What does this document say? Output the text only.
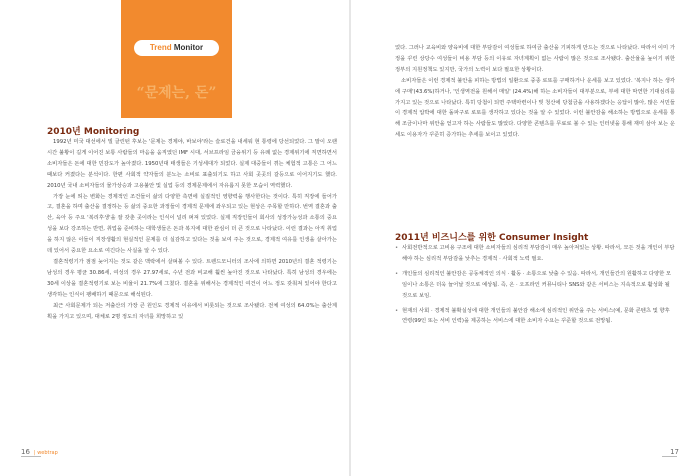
Trend Monitor
“문제는, 돈”
2010년 Monitoring

1992년 미국 대선에서 빌 클린턴 후보는 '문제는 경제야, 바보야'라는 슬로건을 내세워 현 통령에 당선되었다. 그 말이 오랜 시간 불황이 길게 이어진 보통 사람들의 마음을 움직였던 IMF 시대, 서브프라임 금융위기 등 유례 없는 경제위기에 직면하면서 소비자들은 돈에 대한 민감도가 높아졌다. 1950년대 태생들은 기성세대가 되었다. 실제 대중들이 겪는 체험적 고통은 그 어느 때보다 커졌다는 분석이다. 한편 사회적 약자들의 분노는 소비로 표출되기도 하고 사회 곳곳의 갈등으로 이어지기도 했다. 2010년 국내 소비자들의 물가상승과 고용불안 및 실업 등의 경제문제에서 자유롭지 못한 모습이 역력했다.

가장 눈에 띄는 변화는 경제적인 조건들이 삶의 다양한 측면에 실질적인 영향력을 행사한다는 것이다. 특히 직장에 들어가고, 결혼을 하며 출산을 결정하는 등 삶의 중요한 과정들이 경제적 문제에 좌우되고 있는 현상은 주목할 만하다. 번역 결혼과 출산, 육아 등 주요 '복리후생'을 잘 갖춘 곳이라는 인식이 널리 퍼져 있었다. 실제 직장인들이 회사의 성장가능성과 소통의 중요성을 보다 강조하는 반면, 취업을 준비하는 대학생들은 돈과 복지에 대한 관심이 더 큰 것으로 나타났다. 이런 결과는 아직 취업을 하지 않은 이들이 직장생활의 현실적인 문제를 더 실감하고 있다는 것을 보여 주는 것으로, 경제적 여유를 인생을 살아가는 데 있어서 중요한 요소로 여긴다는 사실을 알 수 있다.

결혼적령기가 점점 늦어지는 것도 같은 맥락에서 살펴볼 수 있다. 트렌드모니터의 조사에 의하면 2010년의 결혼 적령기는 남성의 경우 평균 30.86세, 여성의 경우 27.97세로, 수년 전과 비교해 훨씬 높아진 것으로 나타났다. 특히 남성의 경우에는 30세 이상을 결혼적령기로 보는 비율이 21.7%에 그쳤다. 결혼을 위해서는 경제적인 여건이 어느 정도 갖춰져 있어야 한다고 생각하는 인식이 팽배하기 때문으로 해석된다.

최근 사회문제가 되는 저출산의 가장 큰 원인도 경제적 이유에서 비롯되는 것으로 조사됐다. 전체 여성의 64.0%는 출산계획을 가지고 있으며, 대체로 2명 정도의 자녀를 희망하고 있

16 | webtrap

었다. 그러나 교육비와 양육비에 대한 부담감이 여성들로 하여금 출산을 기피하게 만드는 것으로 나타났다. 따라서 이미 가정을 꾸린 상당수 여성들이 비용 부담 등의 이유로 자녀계획이 없는 사람이 많은 것으로 조사됐다. 출산율을 높이기 위한 정부의 지원정책도 있지만, 국가의 노력이 보다 필요한 상황이다.

소비자들은 이런 경제적 불안을 피하는 방법의 일환으로 중종 로또를 구매하거나 운세를 보고 있었다. '복지나 하는 생각에 구매'(43.6%)하거나, '인생역전을 원해서 매일' (24.4%)해 하는 소비자들이 대부분으로, 부에 대한 막연한 기대심리를 가지고 있는 것으로 나타났다. 특히 당첨이 되면 주택마련이나 빚 청산에 당첨금을 사용하겠다는 응답이 많아, 많은 서민들이 경제적 압박에 대한 돌파구로 로또를 생각하고 있다는 것을 알 수 있었다. 이런 불안감을 해소하는 방법으로 운세를 통해 조금이나마 위안을 얻고자 하는 사람들도 많았다. 다양한 콘텐츠를 무료로 볼 수 있는 인터넷을 통해 재미 삼아 보는 운세도 이용자가 꾸준히 증가하는 추세를 보이고 있었다.

2011년 비즈니스를 위한 Consumer Insight
• 사회전반적으로 고비용 구조에 대한 소비자들의 심리적 부담감이 매우 높아져있는 상황. 따라서, 모든 것을 개인이 부담해야 하는 심리적 부담감을 낮추는 경제적 · 사회적 노력 필요.
• 개인들의 심리적인 불안감은 공동체적인 의식 · 활동 · 소통으로 낮출 수 있음. 따라서, 개인들간의 원활하고 다양한 모임이나 소통은 더욱 늘어날 것으로 예상됨. 즉, 온 · 오프라인 커뮤니티나 SNS와 같은 서비스는 지속적으로 활성화 될 것으로 보임.
• 현재의 사회 · 경제적 불확실성에 대한 개인들의 불안감 해소에 심리적인 위안을 주는 서비스(예, 문화 콘텐츠 및 향후 연령(99인 또는 서비 인력)을 제공하는 서비스에 대한 소비자 수요는 꾸준할 것으로 전망됨.
17
